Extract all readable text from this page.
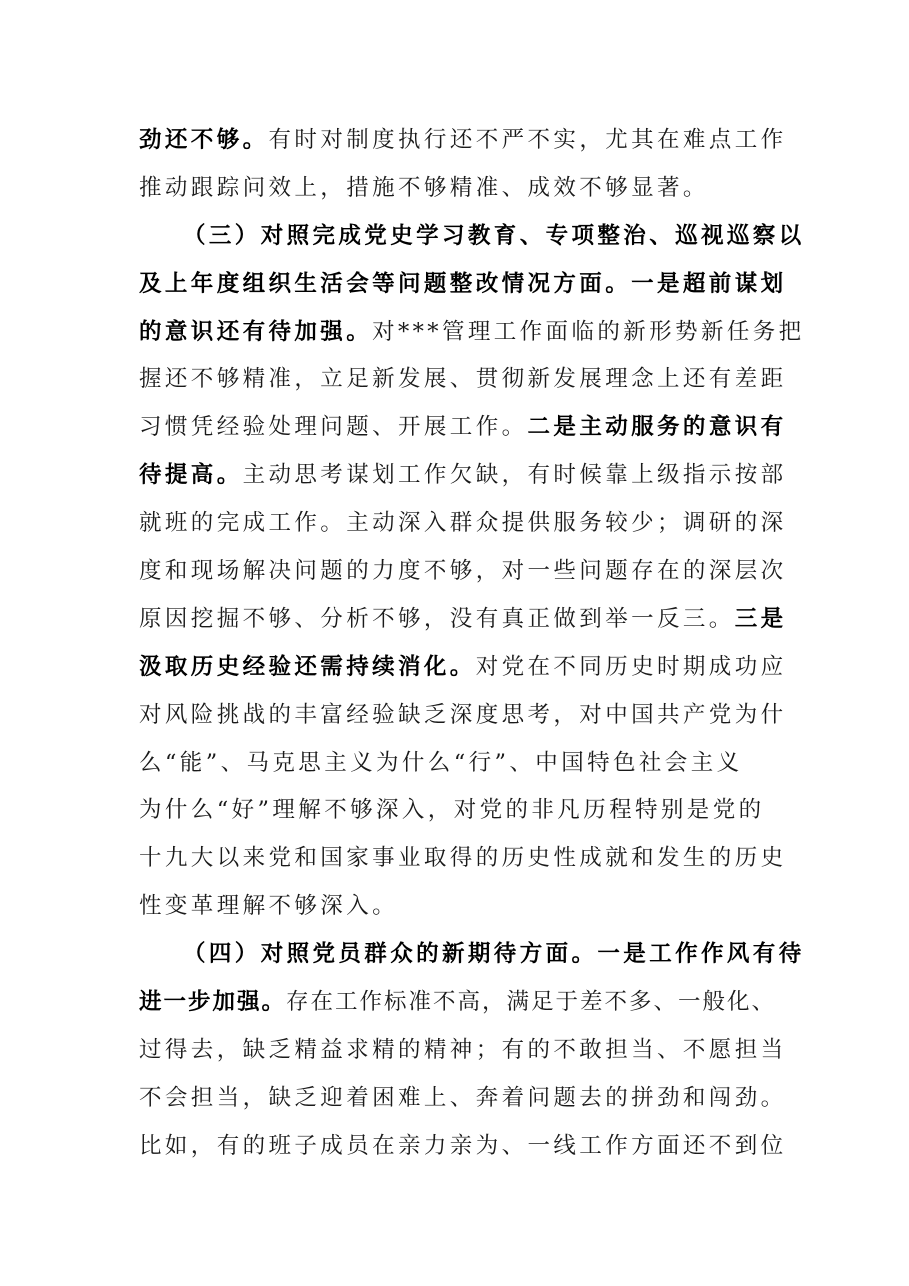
劲还不够。有时对制度执行还不严不实，尤其在难点工作
推动跟踪问效上，措施不够精准、成效不够显著。
（三）对照完成党史学习教育、专项整治、巡视巡察以
及上年度组织生活会等问题整改情况方面。一是超前谋划
的意识还有待加强。对***管理工作面临的新形势新任务把
握还不够精准，立足新发展、贯彻新发展理念上还有差距
习惯凭经验处理问题、开展工作。二是主动服务的意识有
待提高。主动思考谋划工作欠缺，有时候靠上级指示按部
就班的完成工作。主动深入群众提供服务较少；调研的深
度和现场解决问题的力度不够，对一些问题存在的深层次
原因挖掘不够、分析不够，没有真正做到举一反三。三是
汲取历史经验还需持续消化。对党在不同历史时期成功应
对风险挑战的丰富经验缺乏深度思考，对中国共产党为什
么“能”、马克思主义为什么“行”、中国特色社会主义
为什么“好”理解不够深入，对党的非凡历程特别是党的
十九大以来党和国家事业取得的历史性成就和发生的历史
性变革理解不够深入。
（四）对照党员群众的新期待方面。一是工作作风有待
进一步加强。存在工作标准不高，满足于差不多、一般化、
过得去，缺乏精益求精的精神；有的不敢担当、不愿担当
不会担当，缺乏迎着困难上、奔着问题去的拼劲和闯劲。
比如，有的班子成员在亲力亲为、一线工作方面还不到位
